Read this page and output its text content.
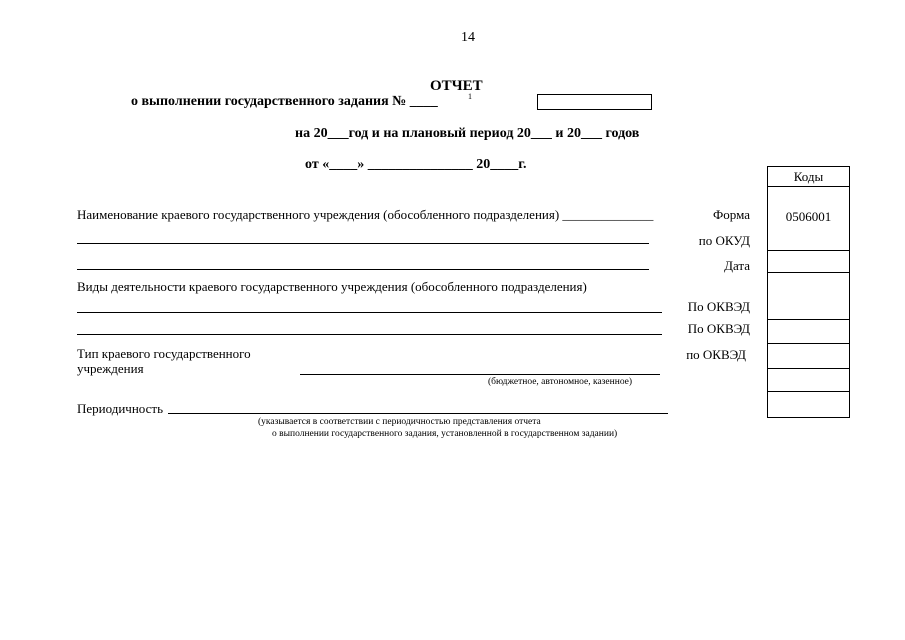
14
ОТЧЕТ
о выполнении государственного задания № ____	1
на 20___год и на плановый период 20___ и 20___ годов
от «____» _______________ 20____г.
Наименование краевого государственного учреждения (обособленного подразделения) ______________
Виды деятельности краевого государственного учреждения (обособленного подразделения)
Тип краевого государственного
учреждения
(бюджетное, автономное, казенное)
Периодичность
(указывается в соответствии с периодичностью представления отчета
о выполнении государственного задания, установленной в государственном задании)
Форма
по ОКУД
Дата
По ОКВЭД
По ОКВЭД
по ОКВЭД
Коды
0506001
